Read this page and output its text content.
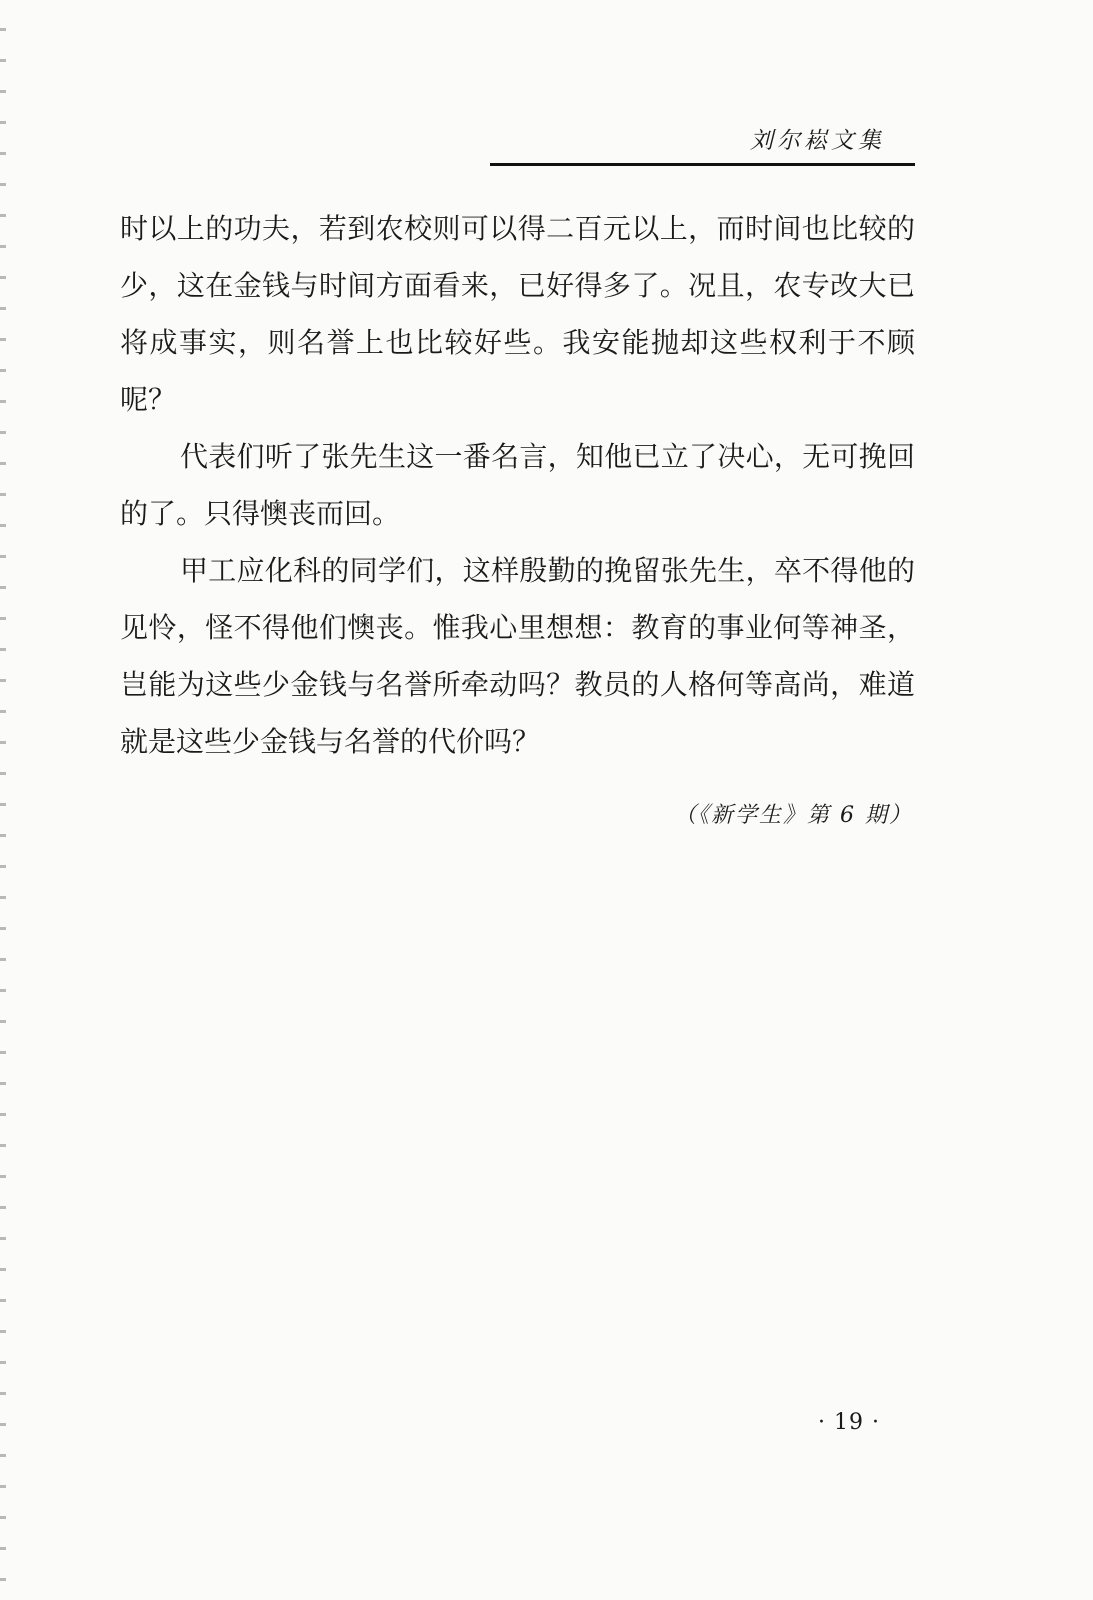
刘尔崧文集

时以上的功夫，若到农校则可以得二百元以上，而时间也比较的少，这在金钱与时间方面看来，已好得多了。况且，农专改大已将成事实，则名誉上也比较好些。我安能抛却这些权利于不顾呢？

代表们听了张先生这一番名言，知他已立了决心，无可挽回的了。只得懊丧而回。

甲工应化科的同学们，这样殷勤的挽留张先生，卒不得他的见怜，怪不得他们懊丧。惟我心里想想：教育的事业何等神圣，岂能为这些少金钱与名誉所牵动吗？教员的人格何等高尚，难道就是这些少金钱与名誉的代价吗？

（《新学生》第 6 期）
· 19 ·
